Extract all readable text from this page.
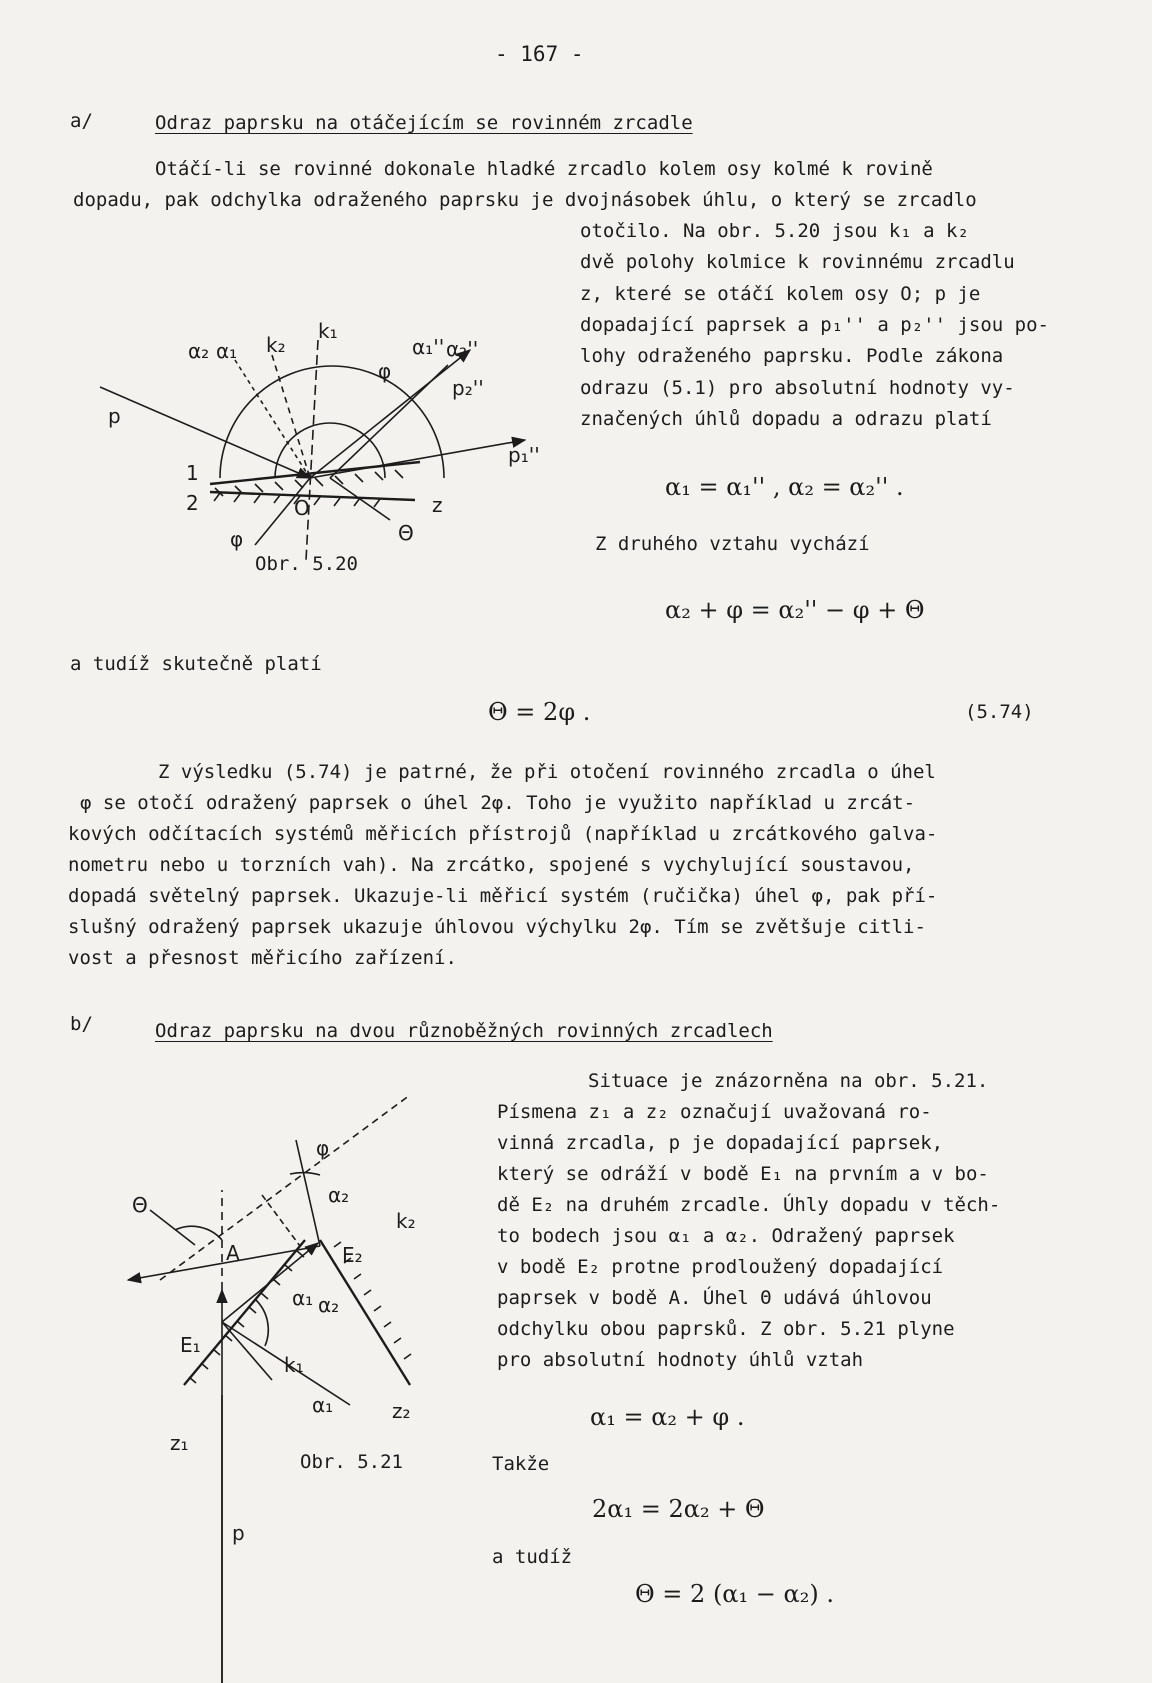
- 167 -
a/	Odraz paprsku na otáčejícím se rovinném zrcadle
Otáčí-li se rovinné dokonale hladké zrcadlo kolem osy kolmé k rovině
dopadu, pak odchylka odraženého paprsku je dvojnásobek úhlu, o který se zrcadlo
otočilo. Na obr. 5.20 jsou k₁ a k₂
dvě polohy kolmice k rovinnému zrcadlu
z, které se otáčí kolem osy O; p je
dopadající paprsek a p₁'' a p₂'' jsou po-
lohy odraženého paprsku. Podle zákona
odrazu (5.1) pro absolutní hodnoty vy-
značených úhlů dopadu a odrazu platí
α₁ = α₁'' , α₂ = α₂'' .
Z druhého vztahu vychází
α₂ + φ = α₂'' − φ + Θ
a tudíž skutečně platí
Θ = 2φ .	(5.74)
Z výsledku (5.74) je patrné, že při otočení rovinného zrcadla o úhel
φ se otočí odražený paprsek o úhel 2φ. Toho je využito například u zrcát-
kových odčítacích systémů měřicích přístrojů (například u zrcátkového galva-
nometru nebo u torzních vah). Na zrcátko, spojené s vychylující soustavou,
dopadá světelný paprsek. Ukazuje-li měřicí systém (ručička) úhel φ, pak pří-
slušný odražený paprsek ukazuje úhlovou výchylku 2φ. Tím se zvětšuje citli-
vost a přesnost měřicího zařízení.
b/	Odraz paprsku na dvou různoběžných rovinných zrcadlech
Situace je znázorněna na obr. 5.21.
Písmena z₁ a z₂ označují uvažovaná ro-
vinná zrcadla, p je dopadající paprsek,
který se odráží v bodě E₁ na prvním a v bo-
dě E₂ na druhém zrcadle. Úhly dopadu v těch-
to bodech jsou α₁ a α₂. Odražený paprsek
v bodě E₂ protne prodloužený dopadající
paprsek v bodě A. Úhel Θ udává úhlovou
odchylku obou paprsků. Z obr. 5.21 plyne
pro absolutní hodnoty úhlů vztah
α₁ = α₂ + φ .
Takže
2α₁ = 2α₂ + Θ
a tudíž
Θ = 2 (α₁ − α₂) .
p
1
2	z
O
k₂
k₁
α₁
α₂	α₁'' α₂''
φ
φ	Θ
p₂''
p₁''
Obr. 5.20
Θ
φ
A
α₂
k₂
E₂
α₁ α₂
E₁
k₁
α₁	z₂
z₁
p
Obr. 5.21
